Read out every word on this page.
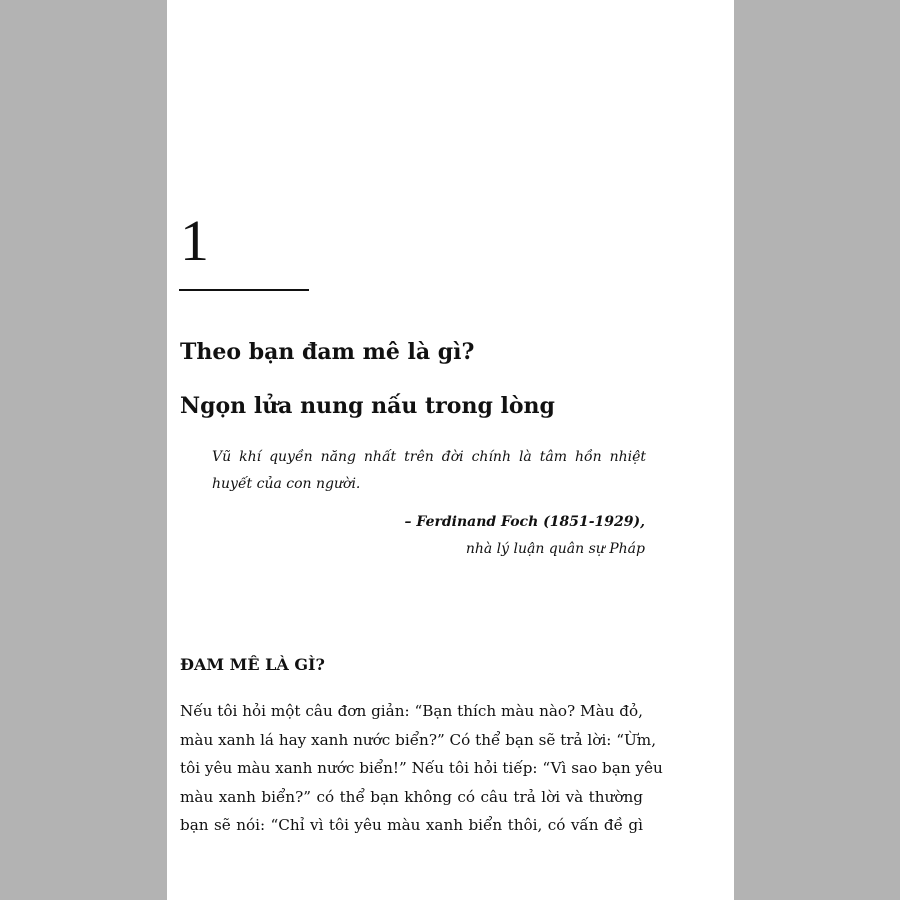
1
Theo bạn đam mê là gì?
Ngọn lửa nung nấu trong lòng
Vũ khí quyền năng nhất trên đời chính là tâm hồn nhiệt huyết của con người.
– Ferdinand Foch (1851-1929),
nhà lý luận quân sự Pháp
ĐAM MÊ LÀ GÌ?
Nếu tôi hỏi một câu đơn giản: “Bạn thích màu nào? Màu đỏ,
màu xanh lá hay xanh nước biển?” Có thể bạn sẽ trả lời: “Ừm,
tôi yêu màu xanh nước biển!” Nếu tôi hỏi tiếp: “Vì sao bạn yêu
màu xanh biển?” có thể bạn không có câu trả lời và thường
bạn sẽ nói: “Chỉ vì tôi yêu màu xanh biển thôi, có vấn đề gì
